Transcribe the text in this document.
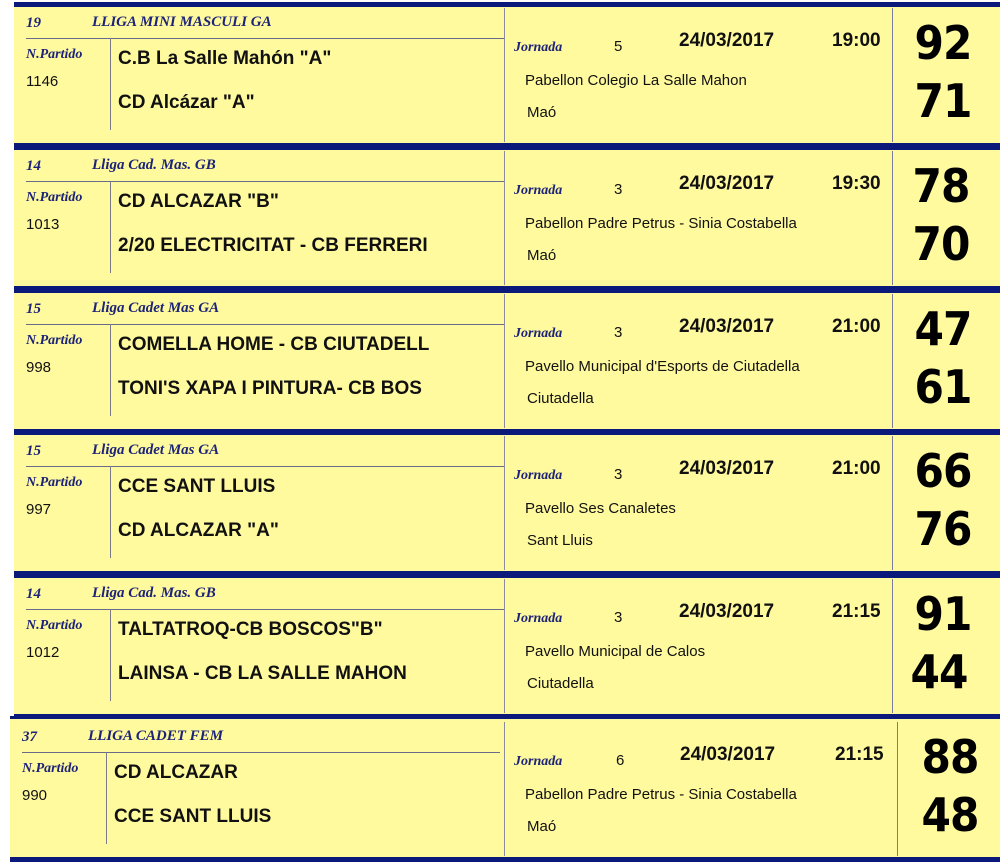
19	LLIGA MINI MASCULI GA
N.Partido
1146
C.B La Salle Mahón "A"
CD Alcázar "A"
Jornada	5	24/03/2017	19:00
Pabellon Colegio La Salle Mahon
Maó
92
71
14	Lliga Cad. Mas. GB
N.Partido
1013
CD ALCAZAR "B"
2/20 ELECTRICITAT - CB FERRERI
Jornada	3	24/03/2017	19:30
Pabellon Padre Petrus - Sinia Costabella
Maó
78
70
15	Lliga Cadet Mas GA
N.Partido
998
COMELLA HOME - CB CIUTADELL
TONI'S XAPA I PINTURA- CB BOS
Jornada	3	24/03/2017	21:00
Pavello Municipal d'Esports de Ciutadella
Ciutadella
47
61
15	Lliga Cadet Mas GA
N.Partido
997
CCE SANT LLUIS
CD ALCAZAR "A"
Jornada	3	24/03/2017	21:00
Pavello Ses Canaletes
Sant Lluis
66
76
14	Lliga Cad. Mas. GB
N.Partido
1012
TALTATROQ-CB BOSCOS"B"
LAINSA - CB LA SALLE MAHON
Jornada	3	24/03/2017	21:15
Pavello Municipal de Calos
Ciutadella
91
44
37	LLIGA CADET FEM
N.Partido
990
CD ALCAZAR
CCE SANT LLUIS
Jornada	6	24/03/2017	21:15
Pabellon Padre Petrus - Sinia Costabella
Maó
88
48
